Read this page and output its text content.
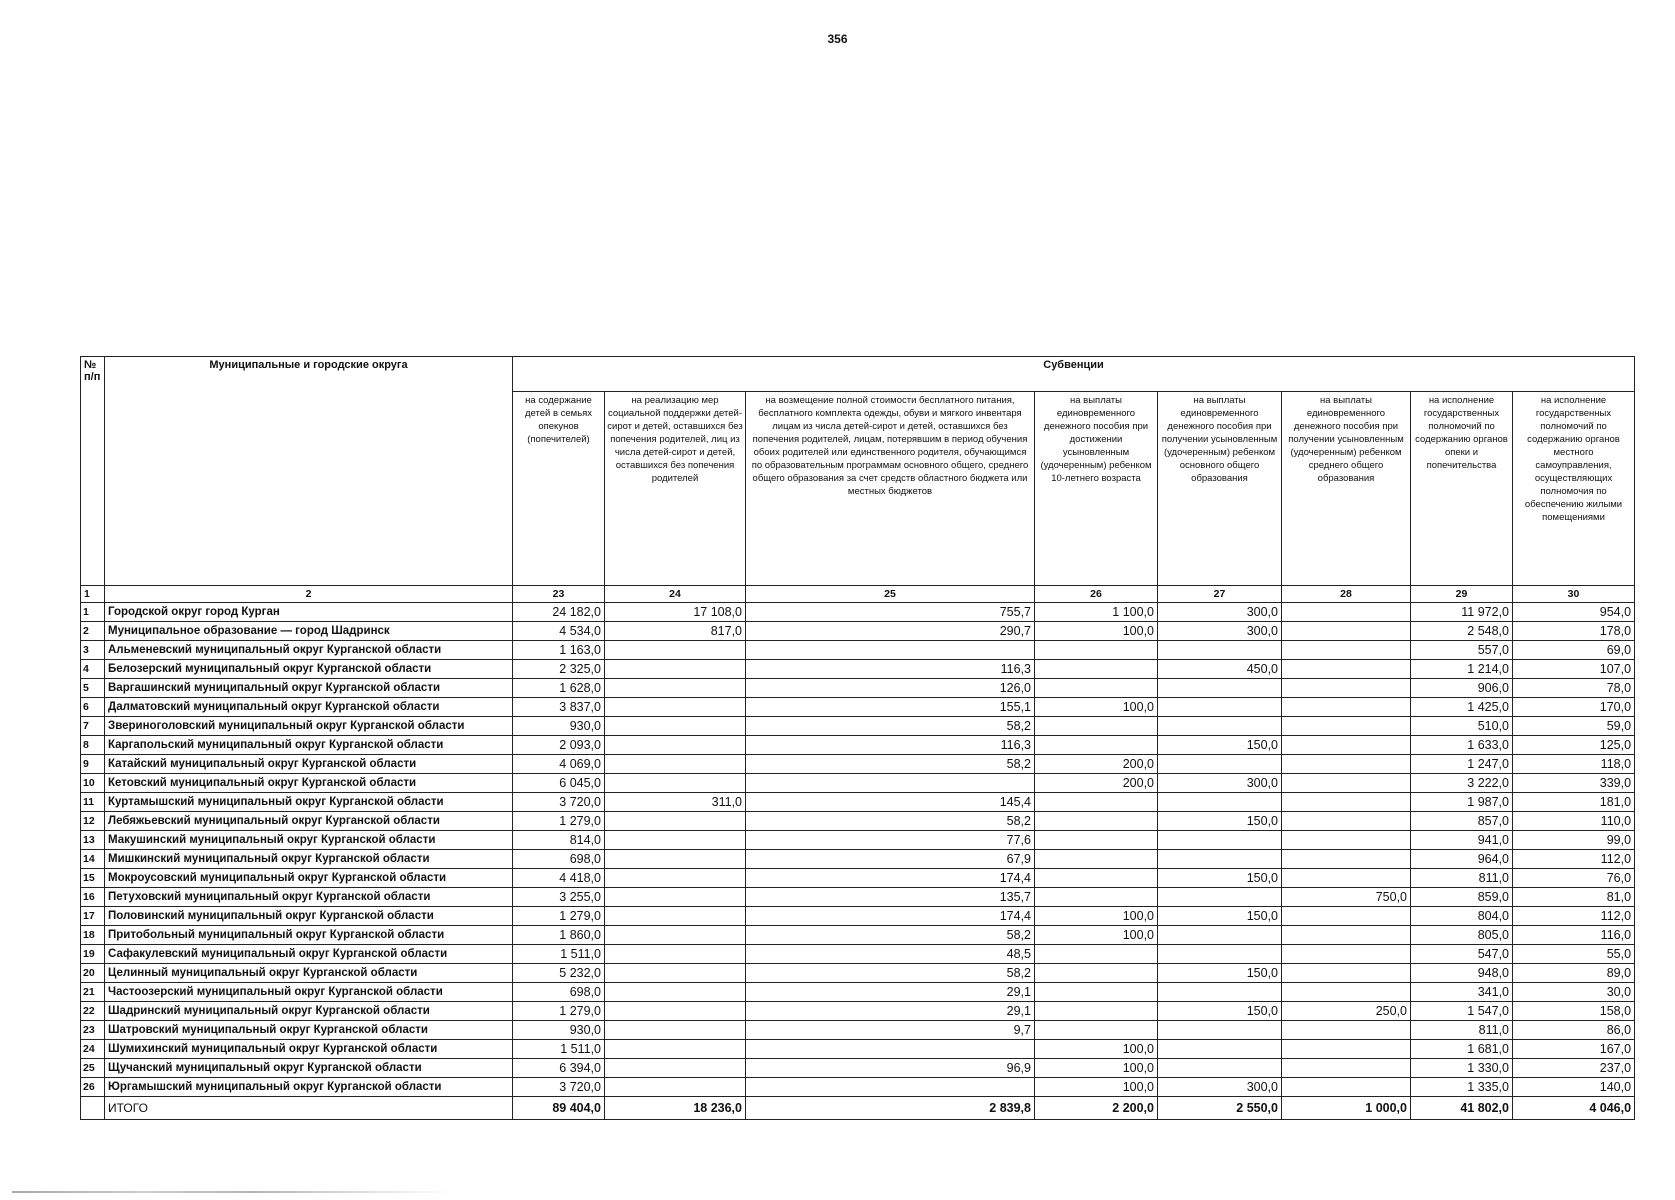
356
№ п/п	Муниципальные и городские округа	Субвенции							
		на содержание детей в семьях опекунов (попечителей)	на реализацию мер социальной поддержки детей-сирот и детей, оставшихся без попечения родителей, лиц из числа детей-сирот и детей, оставшихся без попечения родителей	на возмещение полной стоимости бесплатного питания, бесплатного комплекта одежды, обуви и мягкого инвентаря лицам из числа детей-сирот и детей, оставшихся без попечения родителей, лицам, потерявшим в период обучения обоих родителей или единственного родителя, обучающимся по образовательным программам основного общего, среднего общего образования за счет средств областного бюджета или местных бюджетов	на выплаты единовременного денежного пособия при достижении усыновленным (удочеренным) ребенком 10-летнего возраста	на выплаты единовременного денежного пособия при получении усыновленным (удочеренным) ребенком основного общего образования	на выплаты единовременного денежного пособия при получении усыновленным (удочеренным) ребенком среднего общего образования	на исполнение государственных полномочий по содержанию органов опеки и попечительства	на исполнение государственных полномочий по содержанию органов местного самоуправления, осуществляющих полномочия по обеспечению жилыми помещениями
1	2	23	24	25	26	27	28	29	30
1	Городской округ город Курган	24 182,0	17 108,0	755,7	1 100,0	300,0		11 972,0	954,0
2	Муниципальное образование — город Шадринск	4 534,0	817,0	290,7	100,0	300,0		2 548,0	178,0
3	Альменевский муниципальный округ Курганской области	1 163,0						557,0	69,0
4	Белозерский муниципальный округ Курганской области	2 325,0		116,3		450,0		1 214,0	107,0
5	Варгашинский муниципальный округ Курганской области	1 628,0		126,0				906,0	78,0
6	Далматовский муниципальный округ Курганской области	3 837,0		155,1	100,0			1 425,0	170,0
7	Звериноголовский муниципальный округ Курганской области	930,0		58,2				510,0	59,0
8	Каргапольский муниципальный округ Курганской области	2 093,0		116,3		150,0		1 633,0	125,0
9	Катайский муниципальный округ Курганской области	4 069,0		58,2	200,0			1 247,0	118,0
10	Кетовский муниципальный округ Курганской области	6 045,0			200,0	300,0		3 222,0	339,0
11	Куртамышский муниципальный округ Курганской области	3 720,0	311,0	145,4				1 987,0	181,0
12	Лебяжьевский муниципальный округ Курганской области	1 279,0		58,2		150,0		857,0	110,0
13	Макушинский муниципальный округ Курганской области	814,0		77,6				941,0	99,0
14	Мишкинский муниципальный округ Курганской области	698,0		67,9				964,0	112,0
15	Мокроусовский муниципальный округ Курганской области	4 418,0		174,4		150,0		811,0	76,0
16	Петуховский муниципальный округ Курганской области	3 255,0		135,7			750,0	859,0	81,0
17	Половинский муниципальный округ Курганской области	1 279,0		174,4	100,0	150,0		804,0	112,0
18	Притобольный муниципальный округ Курганской области	1 860,0		58,2	100,0			805,0	116,0
19	Сафакулевский муниципальный округ Курганской области	1 511,0		48,5				547,0	55,0
20	Целинный муниципальный округ Курганской области	5 232,0		58,2		150,0		948,0	89,0
21	Частоозерский муниципальный округ Курганской области	698,0		29,1				341,0	30,0
22	Шадринский муниципальный округ Курганской области	1 279,0		29,1		150,0	250,0	1 547,0	158,0
23	Шатровский муниципальный округ Курганской области	930,0		9,7				811,0	86,0
24	Шумихинский муниципальный округ Курганской области	1 511,0			100,0			1 681,0	167,0
25	Щучанский муниципальный округ Курганской области	6 394,0		96,9	100,0			1 330,0	237,0
26	Юргамышский муниципальный округ Курганской области	3 720,0			100,0	300,0		1 335,0	140,0
	ИТОГО	89 404,0	18 236,0	2 839,8	2 200,0	2 550,0	1 000,0	41 802,0	4 046,0
